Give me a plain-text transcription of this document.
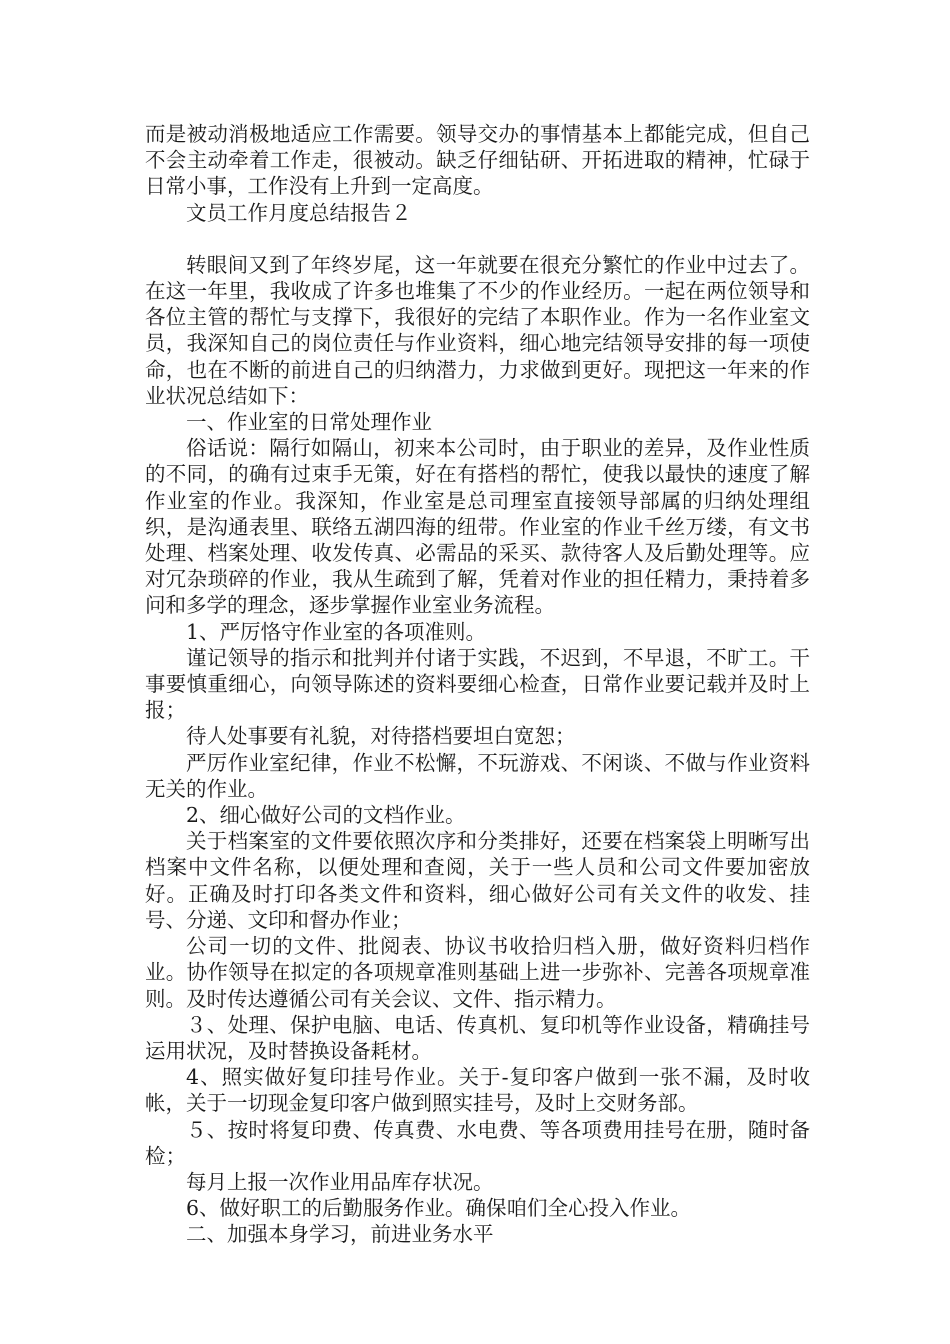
而是被动消极地适应工作需要。领导交办的事情基本上都能完成，但自己不会主动牵着工作走，很被动。缺乏仔细钻研、开拓进取的精神，忙碌于日常小事，工作没有上升到一定高度。

文员工作月度总结报告２

转眼间又到了年终岁尾，这一年就要在很充分繁忙的作业中过去了。在这一年里，我收成了许多也堆集了不少的作业经历。一起在两位领导和各位主管的帮忙与支撑下，我很好的完结了本职作业。作为一名作业室文员，我深知自己的岗位责任与作业资料，细心地完结领导安排的每一项使命，也在不断的前进自己的归纳潜力，力求做到更好。现把这一年来的作业状况总结如下：

一、作业室的日常处理作业

俗话说：隔行如隔山，初来本公司时，由于职业的差异，及作业性质的不同，的确有过束手无策，好在有搭档的帮忙，使我以最快的速度了解作业室的作业。我深知，作业室是总司理室直接领导部属的归纳处理组织，是沟通表里、联络五湖四海的纽带。作业室的作业千丝万缕，有文书处理、档案处理、收发传真、必需品的采买、款待客人及后勤处理等。应对冗杂琐碎的作业，我从生疏到了解，凭着对作业的担任精力，秉持着多问和多学的理念，逐步掌握作业室业务流程。

1、严厉恪守作业室的各项准则。

谨记领导的指示和批判并付诸于实践，不迟到，不早退，不旷工。干事要慎重细心，向领导陈述的资料要细心检查，日常作业要记载并及时上报；

待人处事要有礼貌，对待搭档要坦白宽恕；

严厉作业室纪律，作业不松懈，不玩游戏、不闲谈、不做与作业资料无关的作业。

2、细心做好公司的文档作业。

关于档案室的文件要依照次序和分类排好，还要在档案袋上明晰写出档案中文件名称，以便处理和查阅，关于一些人员和公司文件要加密放好。正确及时打印各类文件和资料，细心做好公司有关文件的收发、挂号、分递、文印和督办作业；

公司一切的文件、批阅表、协议书收拾归档入册，做好资料归档作业。协作领导在拟定的各项规章准则基础上进一步弥补、完善各项规章准则。及时传达遵循公司有关会议、文件、指示精力。

３、处理、保护电脑、电话、传真机、复印机等作业设备，精确挂号运用状况，及时替换设备耗材。

4、照实做好复印挂号作业。关于-复印客户做到一张不漏，及时收帐，关于一切现金复印客户做到照实挂号，及时上交财务部。

５、按时将复印费、传真费、水电费、等各项费用挂号在册，随时备检；

每月上报一次作业用品库存状况。

6、做好职工的后勤服务作业。确保咱们全心投入作业。

二、加强本身学习，前进业务水平
